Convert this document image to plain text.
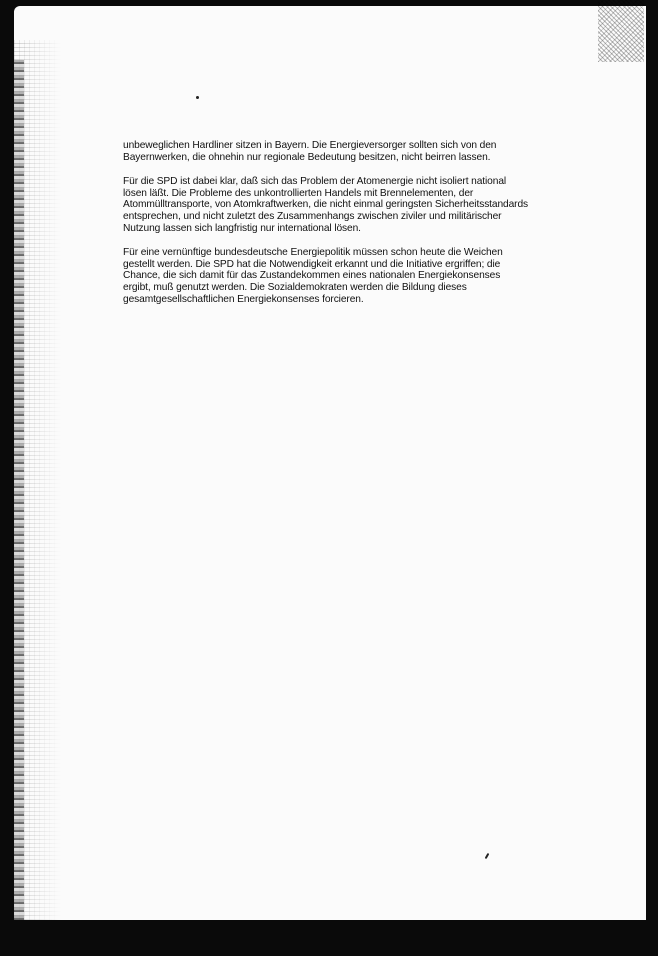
unbeweglichen Hardliner sitzen in Bayern. Die Energieversorger sollten sich von den
Bayernwerken, die ohnehin nur regionale Bedeutung besitzen, nicht beirren lassen.

Für die SPD ist dabei klar, daß sich das Problem der Atomenergie nicht isoliert national
lösen läßt. Die Probleme des unkontrollierten Handels mit Brennelementen, der
Atommülltransporte, von Atomkraftwerken, die nicht einmal geringsten Sicherheitsstandards
entsprechen, und nicht zuletzt des Zusammenhangs zwischen ziviler und militärischer
Nutzung lassen sich langfristig nur international lösen.

Für eine vernünftige bundesdeutsche Energiepolitik müssen schon heute die Weichen
gestellt werden. Die SPD hat die Notwendigkeit erkannt und die Initiative ergriffen; die
Chance, die sich damit für das Zustandekommen eines nationalen Energiekonsenses
ergibt, muß genutzt werden. Die Sozialdemokraten werden die Bildung dieses
gesamtgesellschaftlichen Energiekonsenses forcieren.
